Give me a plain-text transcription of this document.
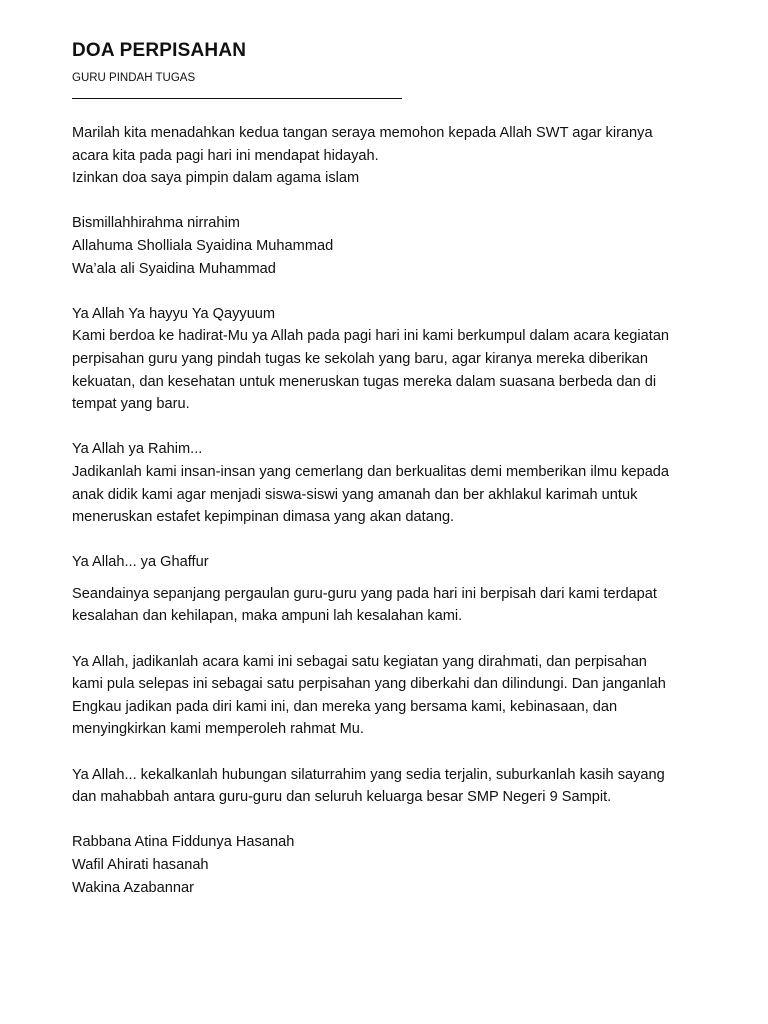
DOA PERPISAHAN
GURU PINDAH TUGAS
Marilah kita menadahkan kedua tangan seraya memohon kepada Allah SWT agar kiranya
acara kita pada pagi hari ini mendapat hidayah.
Izinkan doa saya pimpin dalam agama islam
Bismillahhirahma nirrahim
Allahuma Sholliala Syaidina Muhammad
Wa’ala ali Syaidina Muhammad
Ya Allah Ya hayyu Ya Qayyuum
Kami berdoa ke hadirat-Mu ya Allah pada pagi hari ini kami berkumpul dalam acara kegiatan
perpisahan guru yang pindah tugas ke sekolah yang baru, agar kiranya mereka diberikan
kekuatan, dan kesehatan untuk meneruskan tugas mereka dalam suasana berbeda dan di
tempat yang baru.
Ya Allah ya Rahim...
Jadikanlah kami insan-insan yang cemerlang dan berkualitas demi memberikan ilmu kepada
anak didik kami agar menjadi siswa-siswi yang amanah dan ber akhlakul karimah untuk
meneruskan estafet kepimpinan dimasa yang akan datang.
Ya Allah... ya Ghaffur
Seandainya sepanjang pergaulan guru-guru yang pada hari ini berpisah dari kami terdapat
kesalahan dan kehilapan, maka ampuni lah kesalahan kami.
Ya Allah, jadikanlah acara kami ini sebagai satu kegiatan yang dirahmati, dan perpisahan
kami pula selepas ini sebagai satu perpisahan yang diberkahi dan dilindungi. Dan janganlah
Engkau jadikan pada diri kami ini, dan mereka yang bersama kami, kebinasaan, dan
menyingkirkan kami memperoleh rahmat Mu.
Ya Allah... kekalkanlah hubungan silaturrahim yang sedia terjalin, suburkanlah kasih sayang
dan mahabbah antara guru-guru dan seluruh keluarga besar SMP Negeri 9 Sampit.
Rabbana Atina Fiddunya Hasanah
Wafil Ahirati hasanah
Wakina Azabannar
